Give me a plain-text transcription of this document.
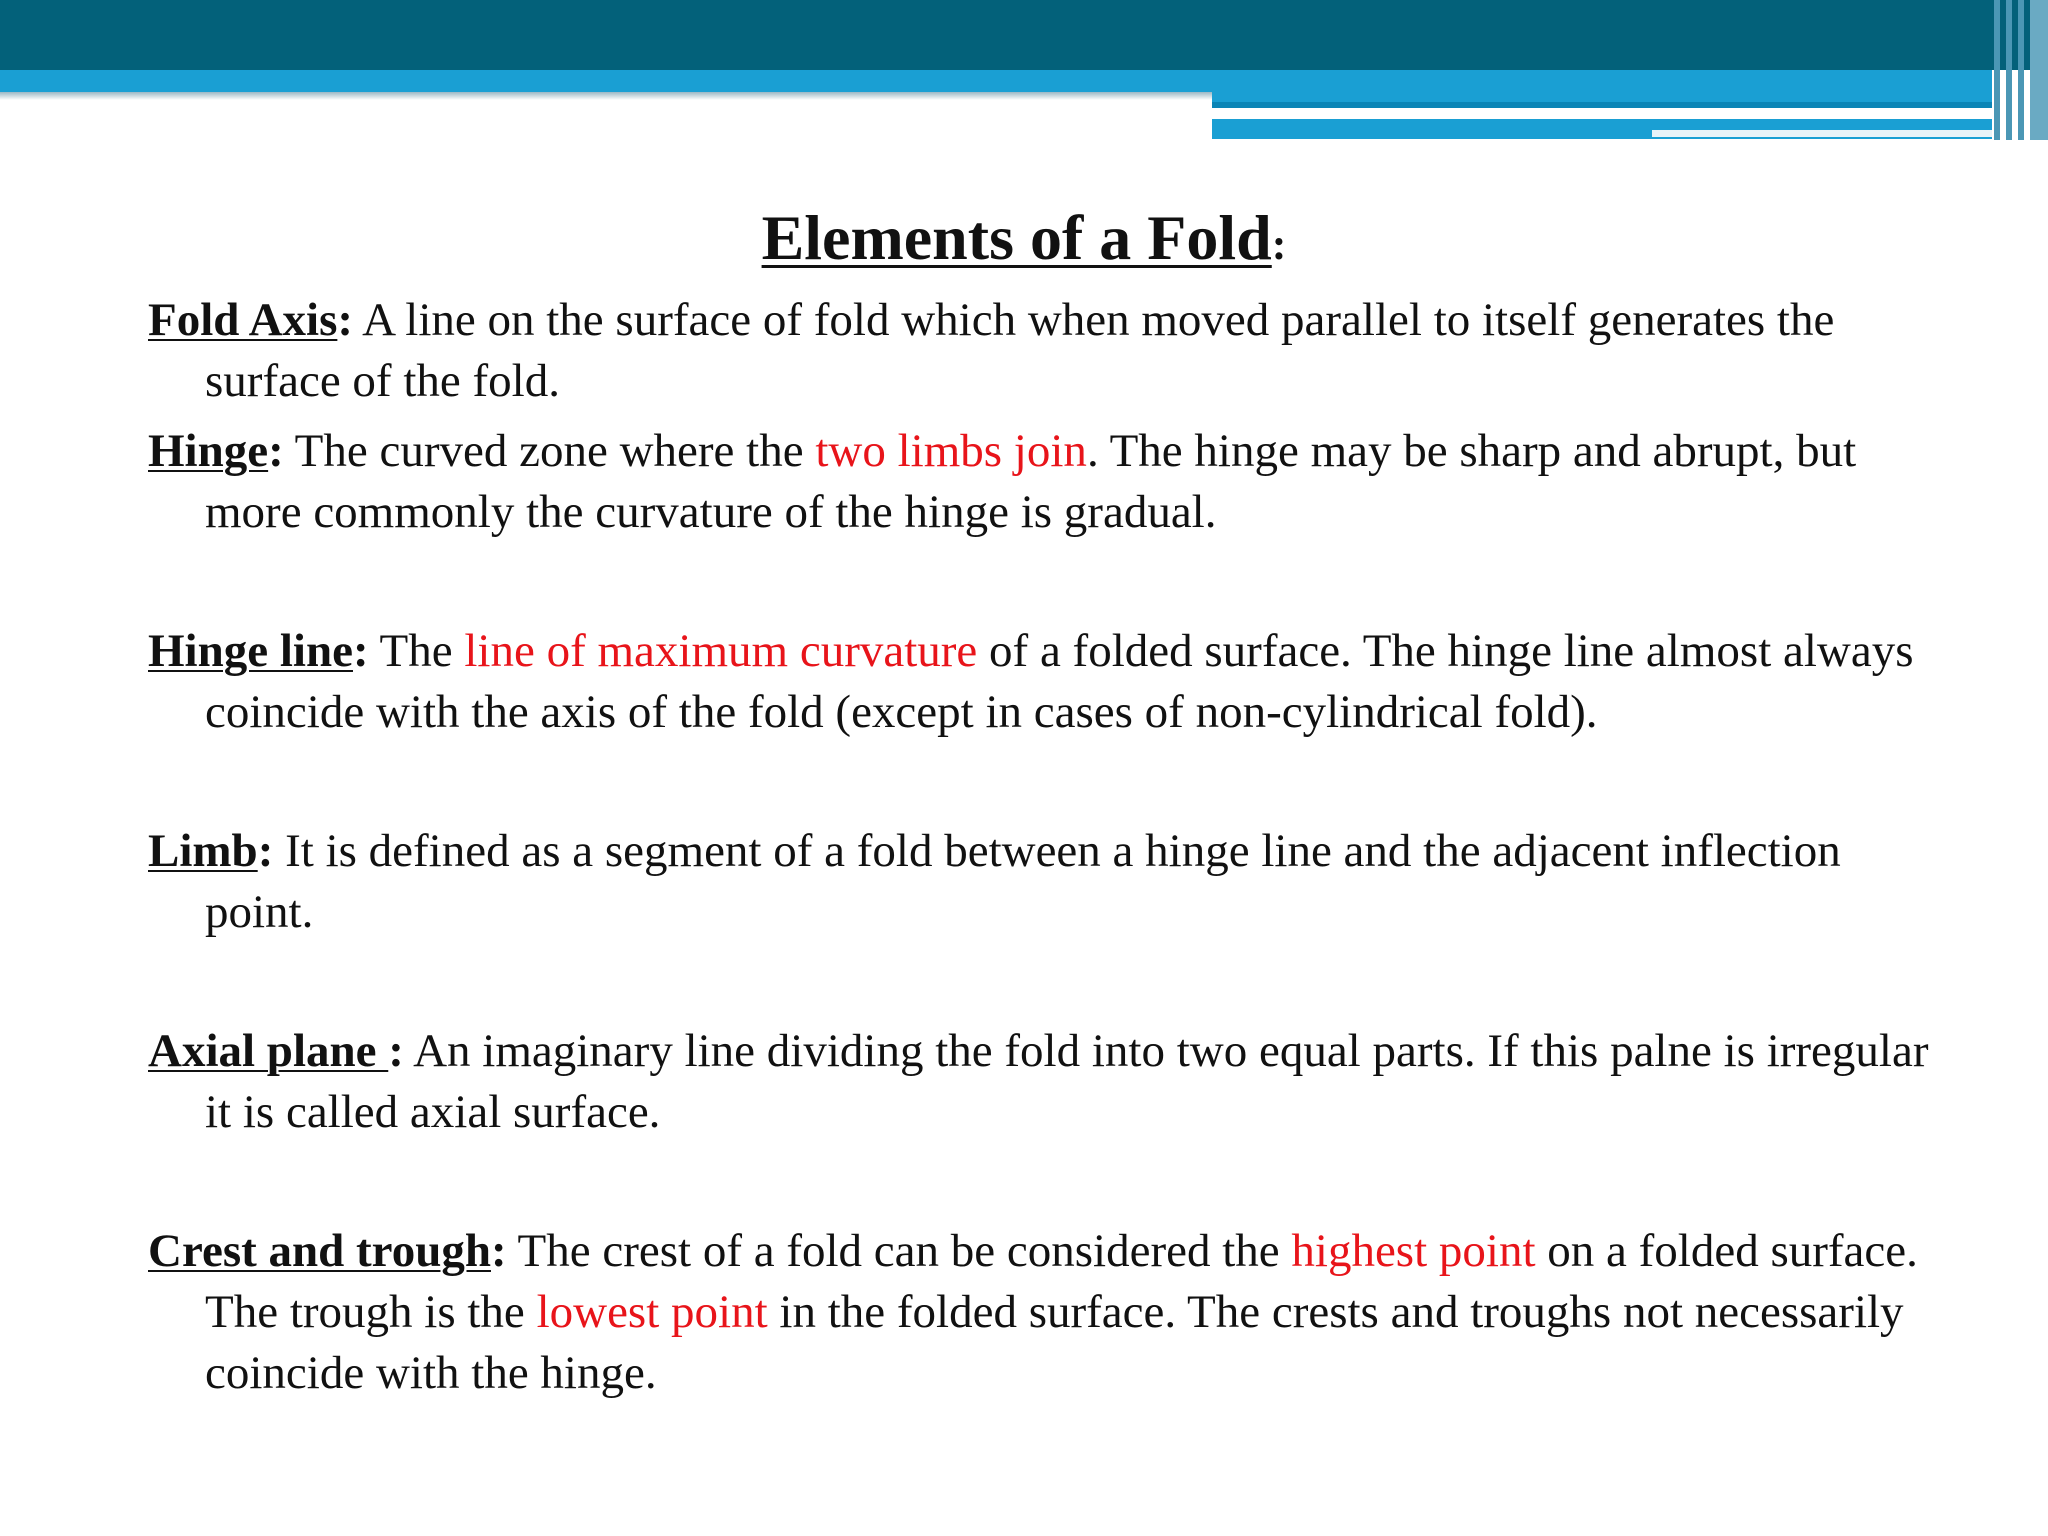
Elements of a Fold:

Fold Axis: A line on the surface of fold which when moved parallel to itself generates the surface of the fold.

Hinge: The curved zone where the two limbs join. The hinge may be sharp and abrupt, but more commonly the curvature of the hinge is gradual.

Hinge line: The line of maximum curvature of a folded surface. The hinge line almost always coincide with the axis of the fold (except in cases of non-cylindrical fold).

Limb: It is defined as a segment of a fold between a hinge line and the adjacent inflection point.

Axial plane : An imaginary line dividing the fold into two equal parts. If this palne is irregular it is called axial surface.

Crest and trough: The crest of a fold can be considered the highest point on a folded surface. The trough is the lowest point in the folded surface. The crests and troughs not necessarily coincide with the hinge.
